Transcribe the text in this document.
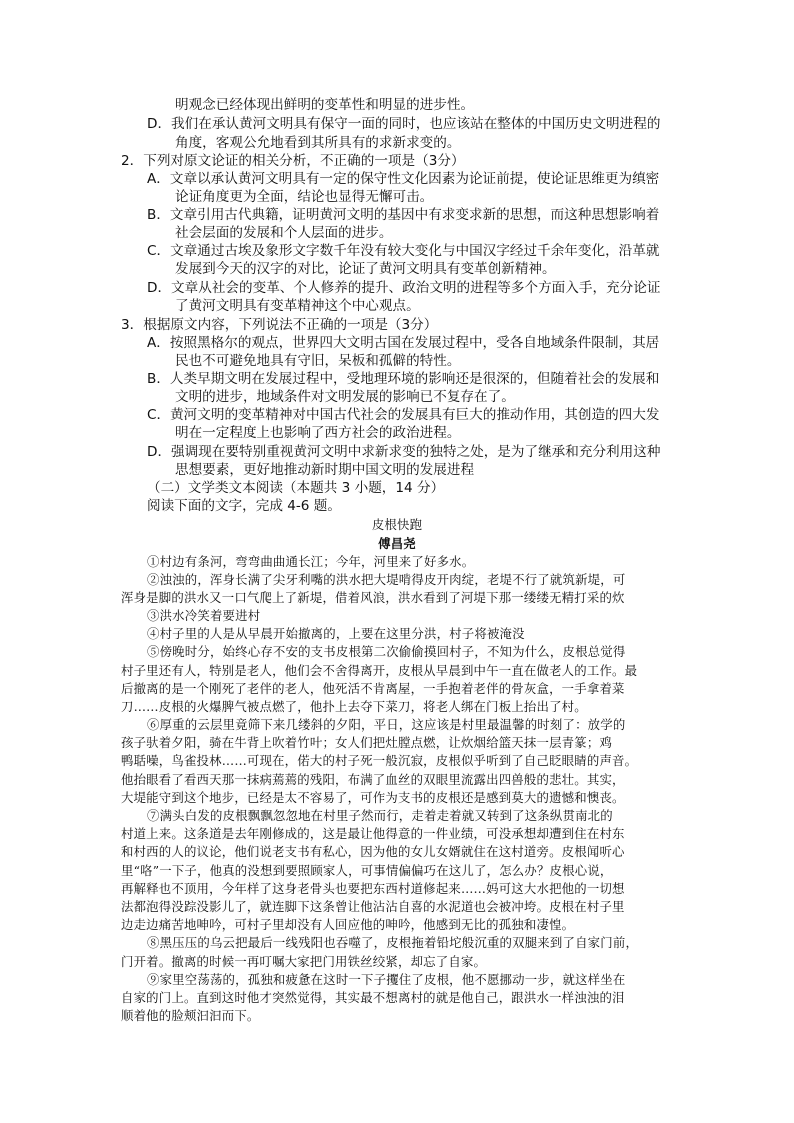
明观念已经体现出鲜明的变革性和明显的进步性。
D．我们在承认黄河文明具有保守一面的同时，也应该站在整体的中国历史文明进程的
角度，客观公允地看到其所具有的求新求变的。
2．下列对原文论证的相关分析，不正确的一项是（3分）
A．文章以承认黄河文明具有一定的保守性文化因素为论证前提，使论证思维更为缜密
论证角度更为全面，结论也显得无懈可击。
B．文章引用古代典籍，证明黄河文明的基因中有求变求新的思想，而这种思想影响着
社会层面的发展和个人层面的进步。
C．文章通过古埃及象形文字数千年没有较大变化与中国汉字经过千余年变化，沿革就
发展到今天的汉字的对比，论证了黄河文明具有变革创新精神。
D．文章从社会的变革、个人修养的提升、政治文明的进程等多个方面入手，充分论证
了黄河文明具有变革精神这个中心观点。
3．根据原文内容，下列说法不正确的一项是（3分）
A．按照黑格尔的观点，世界四大文明古国在发展过程中，受各自地域条件限制，其居
民也不可避免地具有守旧，呆板和孤僻的特性。
B．人类早期文明在发展过程中，受地理环境的影响还是很深的，但随着社会的发展和
文明的进步，地域条件对文明发展的影响已不复存在了。
C．黄河文明的变革精神对中国古代社会的发展具有巨大的推动作用，其创造的四大发
明在一定程度上也影响了西方社会的政治进程。
D．强调现在要特别重视黄河文明中求新求变的独特之处，是为了继承和充分利用这种
思想要素，更好地推动新时期中国文明的发展进程
（二）文学类文本阅读（本题共 3 小题，14 分）
阅读下面的文字，完成 4-6 题。
皮根快跑
傅昌尧
①村边有条河，弯弯曲曲通长江；今年，河里来了好多水。
②浊浊的，浑身长满了尖牙利嘴的洪水把大堤啃得皮开肉绽，老堤不行了就筑新堤，可
浑身是脚的洪水又一口气爬上了新堤，借着风浪，洪水看到了河堤下那一缕缕无精打采的炊
③洪水冷笑着要进村
④村子里的人是从早晨开始撤离的，上要在这里分洪，村子将被淹没
⑤傍晚时分，始终心存不安的支书皮根第二次偷偷摸回村子，不知为什么，皮根总觉得
村子里还有人，特别是老人，他们会不舍得离开，皮根从早晨到中午一直在做老人的工作。最
后撤离的是一个刚死了老伴的老人，他死活不肯离屋，一手抱着老伴的骨灰盒，一手拿着菜
刀……皮根的火爆脾气被点燃了，他扑上去夺下菜刀，将老人绑在门板上抬出了村。
⑥厚重的云层里竟筛下来几缕斜的夕阳，平日，这应该是村里最温馨的时刻了：放学的
孩子驮着夕阳，骑在牛背上吹着竹叶；女人们把灶膛点燃，让炊烟给篮天抹一层青篆；鸡
鸭聒噪，鸟雀投林……可现在，偌大的村子死一般沉寂，皮根似乎听到了自己眨眼睛的声音。
他抬眼看了看西天那一抹病蔫蔫的残阳，布满了血丝的双眼里流露出四兽般的悲壮。其实，
大堤能守到这个地步，已经是太不容易了，可作为支书的皮根还是感到莫大的遗憾和懊丧。
⑦满头白发的皮根飘飘忽忽地在村里子然而行，走着走着就又转到了这条纵贯南北的
村道上来。这条道是去年刚修成的，这是最让他得意的一件业绩，可没承想却遭到住在村东
和村西的人的议论，他们说老支书有私心，因为他的女儿女婿就住在这村道旁。皮根闻听心
里“咯”一下子，他真的没想到要照顾家人，可事情偏偏巧在这儿了，怎么办？皮根心说，
再解释也不顶用，今年样了这身老骨头也要把东西村道修起来……妈可这大水把他的一切想
法都泡得没踪没影儿了，就连脚下这条曾让他沾沾自喜的水泥道也会被冲垮。皮根在村子里
边走边痛苦地呻吟，可村子里却没有人回应他的呻吟，他感到无比的孤独和凄惶。
⑧黑压压的乌云把最后一线残阳也吞噬了，皮根拖着铅坨般沉重的双腿来到了自家门前，
门开着。撤离的时候一再叮嘱大家把门用铁丝绞紧，却忘了自家。
⑨家里空荡荡的，孤独和疲惫在这时一下子攫住了皮根，他不愿挪动一步，就这样坐在
自家的门上。直到这时他才突然觉得，其实最不想离村的就是他自己，跟洪水一样浊浊的泪
顺着他的脸颊汩汩而下。
